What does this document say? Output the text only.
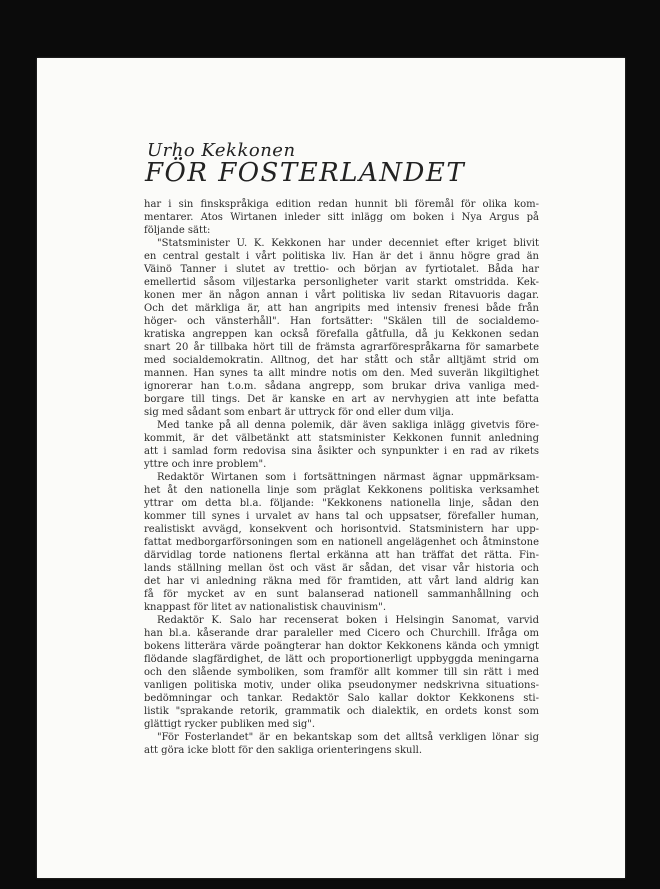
Urho Kekkonen
FÖR FOSTERLANDET

har i sin finskspråkiga edition redan hunnit bli föremål för olika kom-
mentarer. Atos Wirtanen inleder sitt inlägg om boken i Nya Argus på
följande sätt:

"Statsminister U. K. Kekkonen har under decenniet efter kriget blivit
en central gestalt i vårt politiska liv. Han är det i ännu högre grad än
Väinö Tanner i slutet av trettio- och början av fyrtiotalet. Båda har
emellertid såsom viljestarka personligheter varit starkt omstridda. Kek-
konen mer än någon annan i vårt politiska liv sedan Ritavuoris dagar.
Och det märkliga är, att han angripits med intensiv frenesi både från
höger- och vänsterhåll". Han fortsätter: "Skälen till de socialdemo-
kratiska angreppen kan också förefalla gåtfulla, då ju Kekkonen sedan
snart 20 år tillbaka hört till de främsta agrarförespråkarna för samarbete
med socialdemokratin. Alltnog, det har stått och står alltjämt strid om
mannen. Han synes ta allt mindre notis om den. Med suverän likgiltighet
ignorerar han t.o.m. sådana angrepp, som brukar driva vanliga med-
borgare till tings. Det är kanske en art av nervhygien att inte befatta
sig med sådant som enbart är uttryck för ond eller dum vilja.

Med tanke på all denna polemik, där även sakliga inlägg givetvis före-
kommit, är det välbetänkt att statsminister Kekkonen funnit anledning
att i samlad form redovisa sina åsikter och synpunkter i en rad av rikets
yttre och inre problem".

Redaktör Wirtanen som i fortsättningen närmast ägnar uppmärksam-
het åt den nationella linje som präglat Kekkonens politiska verksamhet
yttrar om detta bl.a. följande: "Kekkonens nationella linje, sådan den
kommer till synes i urvalet av hans tal och uppsatser, förefaller human,
realistiskt avvägd, konsekvent och horisontvid. Statsministern har upp-
fattat medborgarförsoningen som en nationell angelägenhet och åtminstone
därvidlag torde nationens flertal erkänna att han träffat det rätta. Fin-
lands ställning mellan öst och väst är sådan, det visar vår historia och
det har vi anledning räkna med för framtiden, att vårt land aldrig kan
få för mycket av en sunt balanserad nationell sammanhållning och
knappast för litet av nationalistisk chauvinism".

Redaktör K. Salo har recenserat boken i Helsingin Sanomat, varvid
han bl.a. kåserande drar paraleller med Cicero och Churchill. Ifråga om
bokens litterära värde poängterar han doktor Kekkonens kända och ymnigt
flödande slagfärdighet, de lätt och proportionerligt uppbyggda meningarna
och den slående symboliken, som framför allt kommer till sin rätt i med
vanligen politiska motiv, under olika pseudonymer nedskrivna situations-
bedömningar och tankar. Redaktör Salo kallar doktor Kekkonens sti-
listik "sprakande retorik, grammatik och dialektik, en ordets konst som
glättigt rycker publiken med sig".

"För Fosterlandet" är en bekantskap som det alltså verkligen lönar sig
att göra icke blott för den sakliga orienteringens skull.
